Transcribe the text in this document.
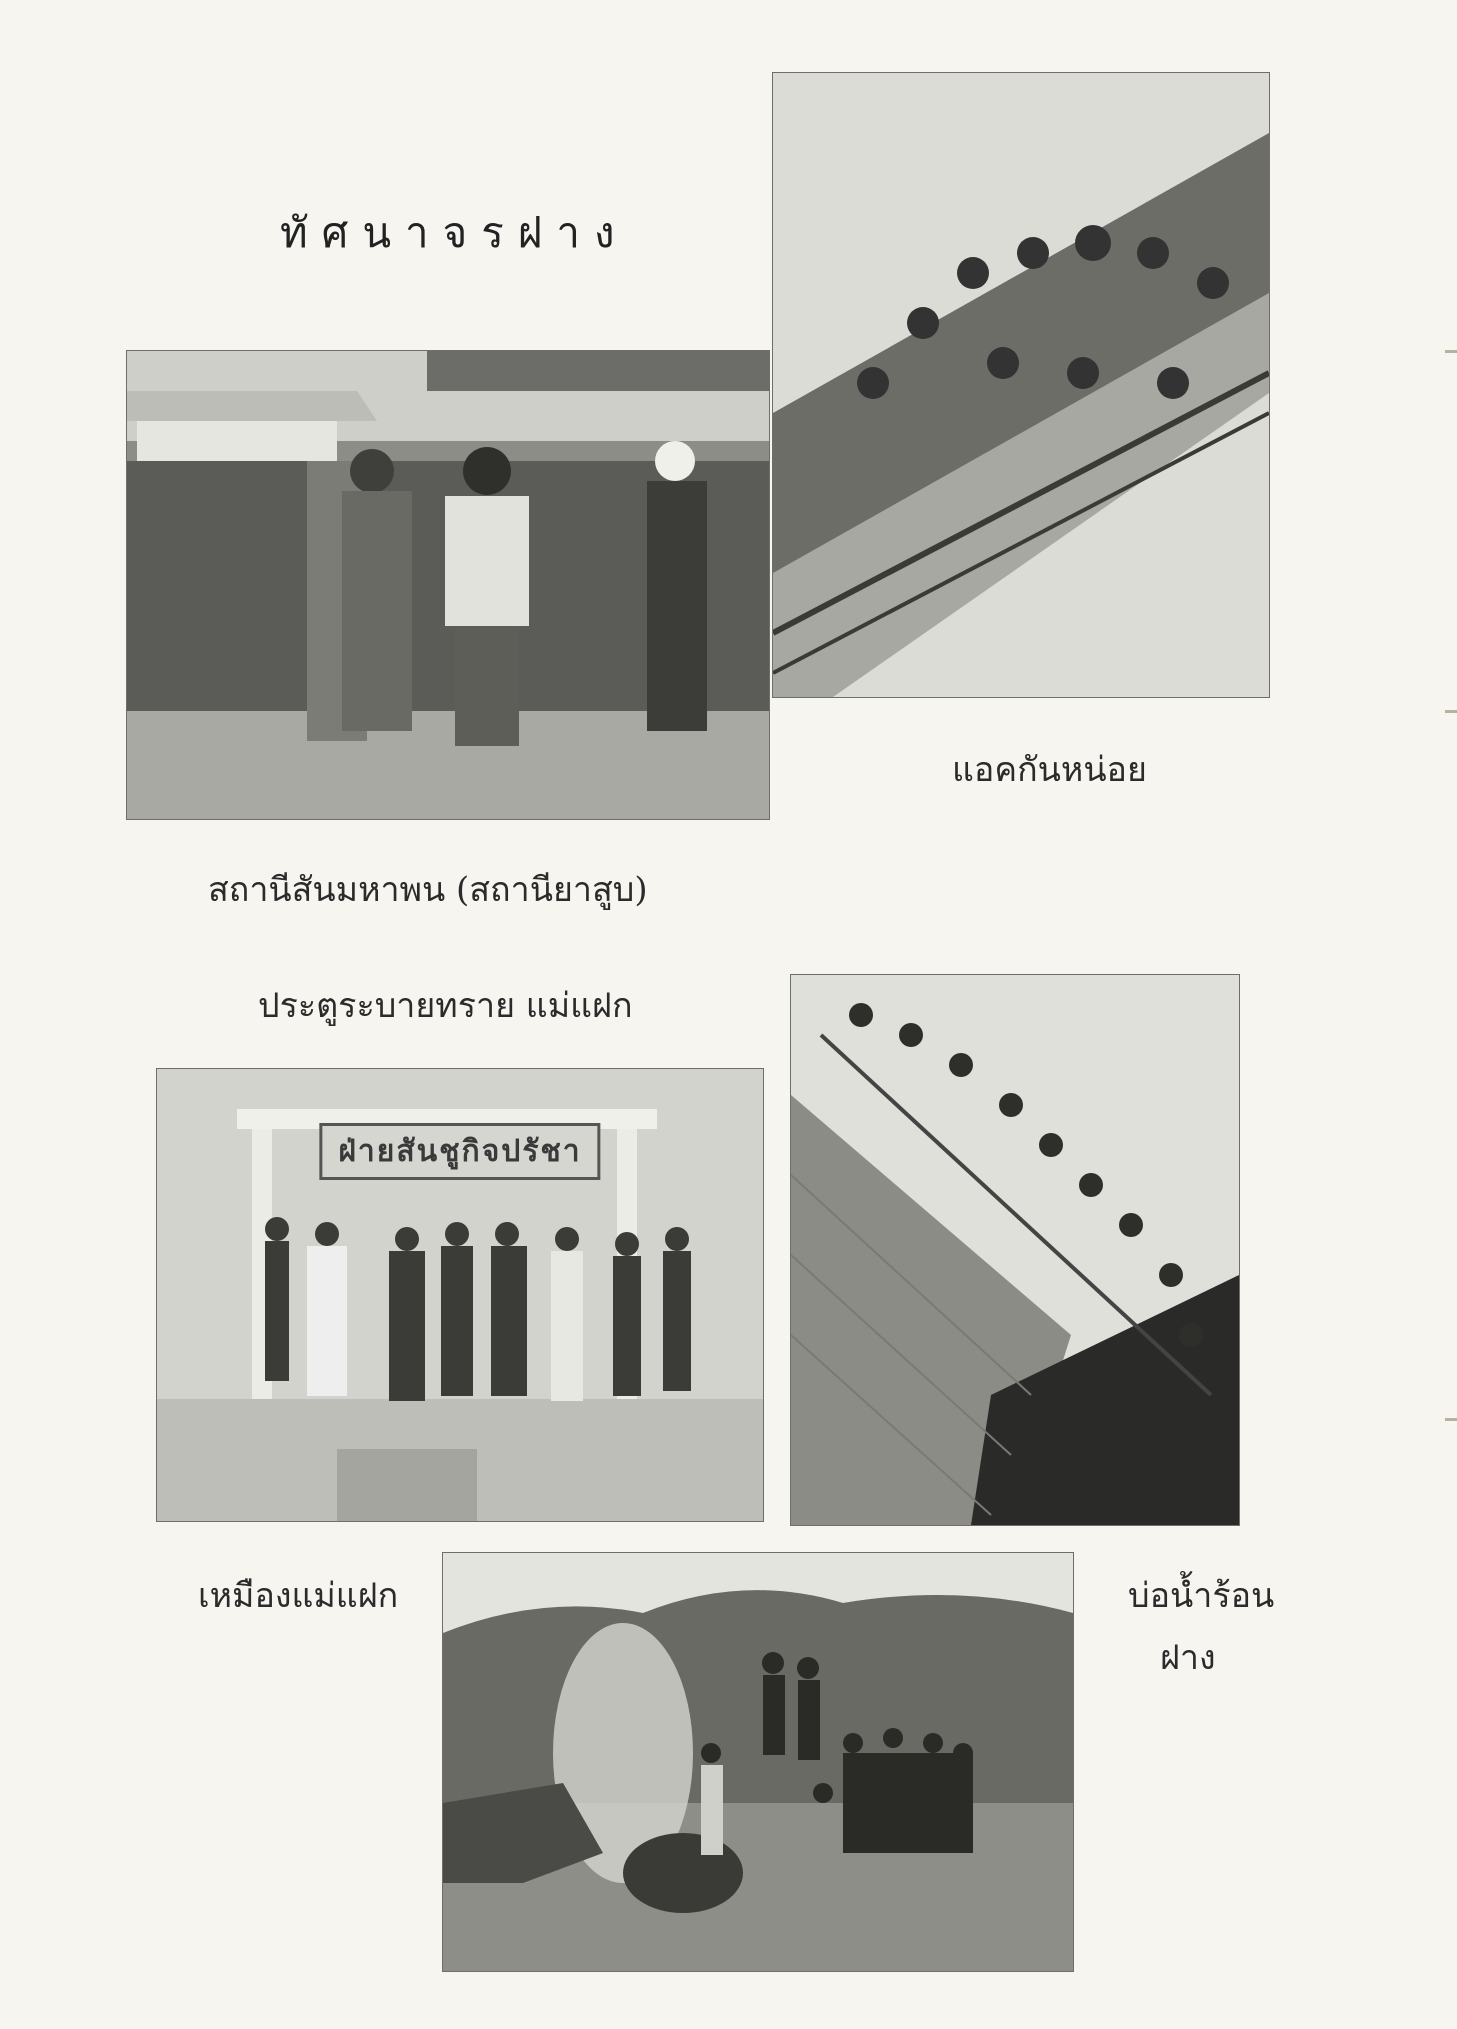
ทัศนาจรฝาง
สถานีสันมหาพน (สถานียาสูบ)
แอคกันหน่อย
ประตูระบายทราย แม่แฝก
ฝ่ายสันชูกิจปรัชา
เหมืองแม่แฝก	บ่อน้ำร้อน
ฝาง
